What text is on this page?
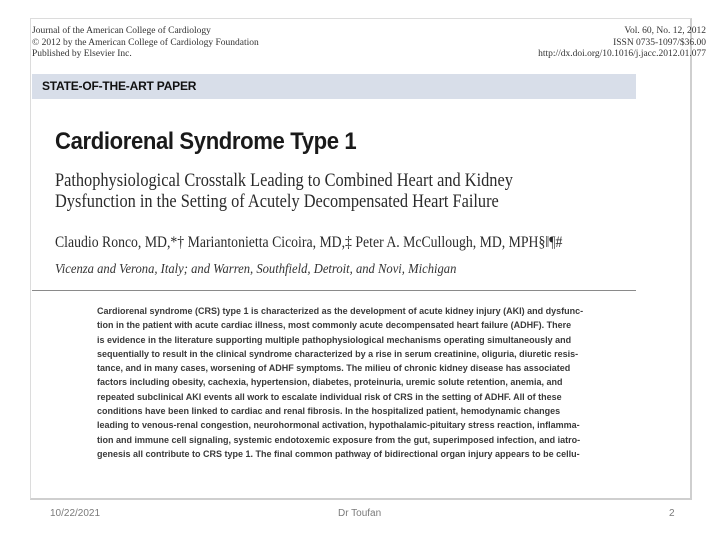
Journal of the American College of Cardiology
© 2012 by the American College of Cardiology Foundation
Published by Elsevier Inc.
Vol. 60, No. 12, 2012
ISSN 0735-1097/$36.00
http://dx.doi.org/10.1016/j.jacc.2012.01.077
STATE-OF-THE-ART PAPER
Cardiorenal Syndrome Type 1
Pathophysiological Crosstalk Leading to Combined Heart and Kidney
Dysfunction in the Setting of Acutely Decompensated Heart Failure
Claudio Ronco, MD,*† Mariantonietta Cicoira, MD,‡ Peter A. McCullough, MD, MPH§‖¶#
Vicenza and Verona, Italy; and Warren, Southfield, Detroit, and Novi, Michigan
Cardiorenal syndrome (CRS) type 1 is characterized as the development of acute kidney injury (AKI) and dysfunc-
tion in the patient with acute cardiac illness, most commonly acute decompensated heart failure (ADHF). There
is evidence in the literature supporting multiple pathophysiological mechanisms operating simultaneously and
sequentially to result in the clinical syndrome characterized by a rise in serum creatinine, oliguria, diuretic resis-
tance, and in many cases, worsening of ADHF symptoms. The milieu of chronic kidney disease has associated
factors including obesity, cachexia, hypertension, diabetes, proteinuria, uremic solute retention, anemia, and
repeated subclinical AKI events all work to escalate individual risk of CRS in the setting of ADHF. All of these
conditions have been linked to cardiac and renal fibrosis. In the hospitalized patient, hemodynamic changes
leading to venous-renal congestion, neurohormonal activation, hypothalamic-pituitary stress reaction, inflamma-
tion and immune cell signaling, systemic endotoxemic exposure from the gut, superimposed infection, and iatro-
genesis all contribute to CRS type 1. The final common pathway of bidirectional organ injury appears to be cellu-
10/22/2021	Dr Toufan	2
